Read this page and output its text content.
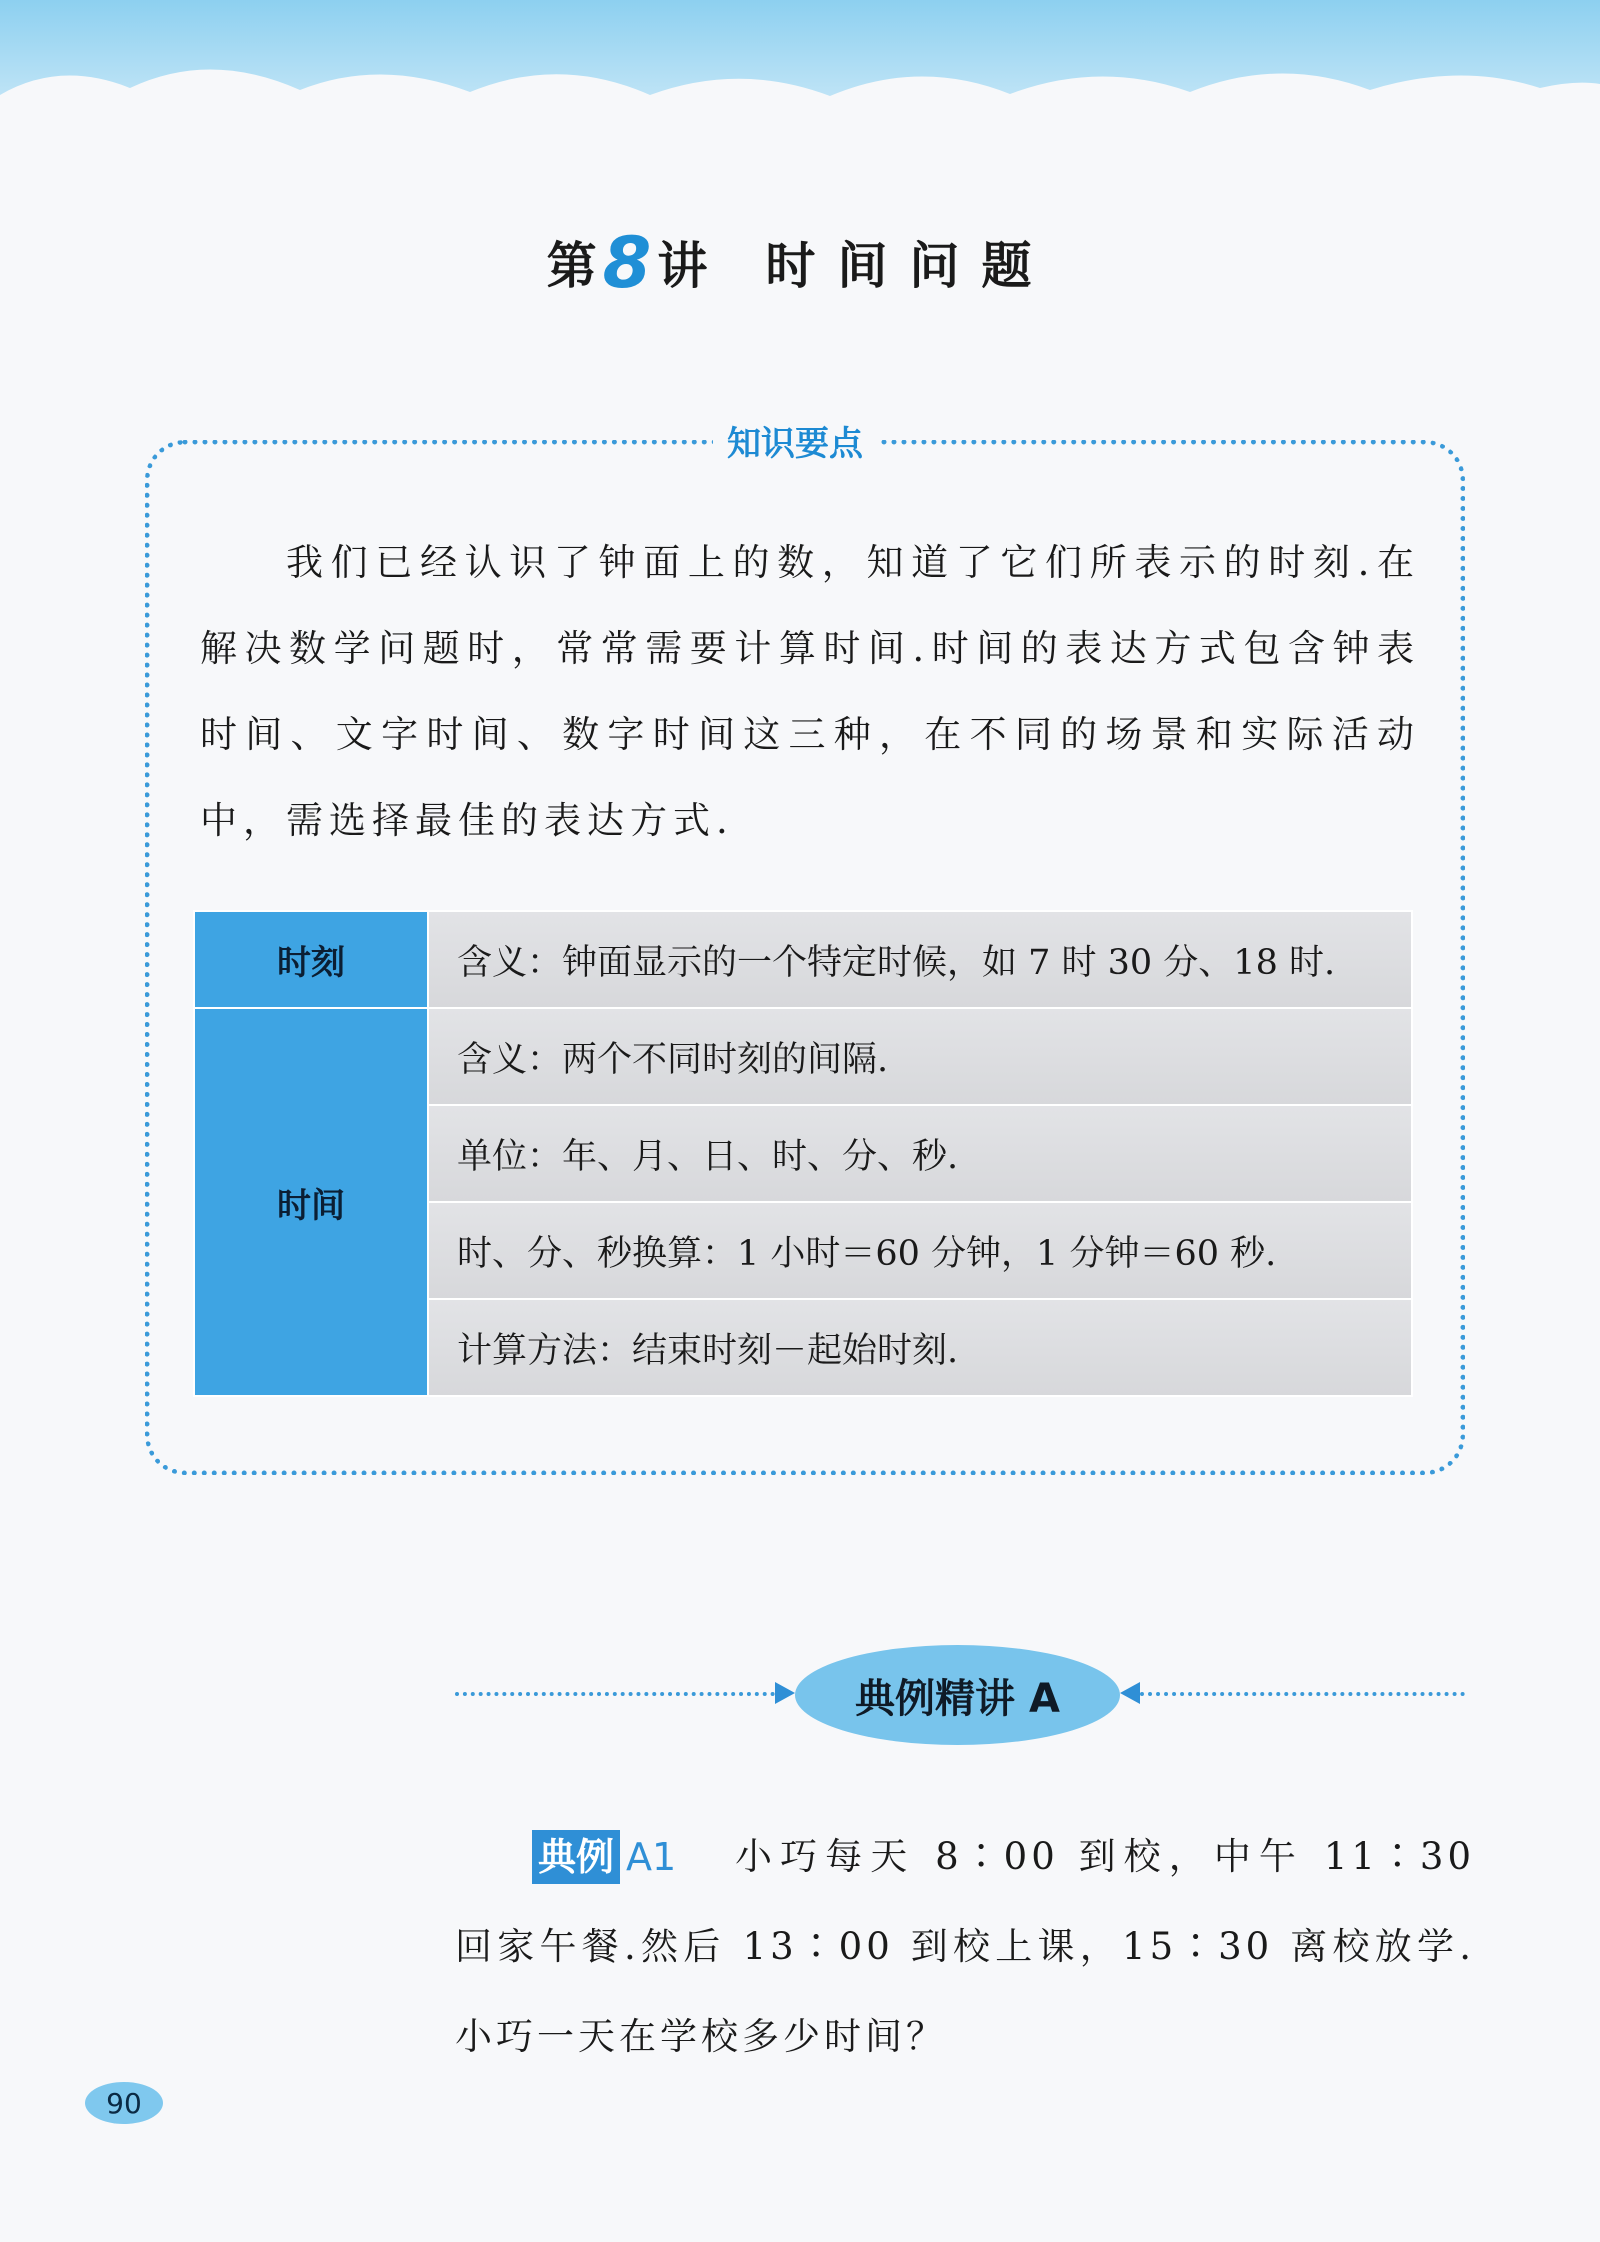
第8讲 时间问题
知识要点
我们已经认识了钟面上的数，知道了它们所表示的时刻.在解决数学问题时，常常需要计算时间.时间的表达方式包含钟表时间、文字时间、数字时间这三种，在不同的场景和实际活动中，需选择最佳的表达方式.
时刻	含义：钟面显示的一个特定时候，如 7 时 30 分、18 时.
时间	含义：两个不同时刻的间隔.
	单位：年、月、日、时、分、秒.
	时、分、秒换算：1 小时＝60 分钟，1 分钟＝60 秒.
	计算方法：结束时刻－起始时刻.
典例精讲 A
典例 A1	小巧每天 8∶00 到校，中午 11∶30 回家午餐.然后 13∶00 到校上课，15∶30 离校放学.小巧一天在学校多少时间？
90
